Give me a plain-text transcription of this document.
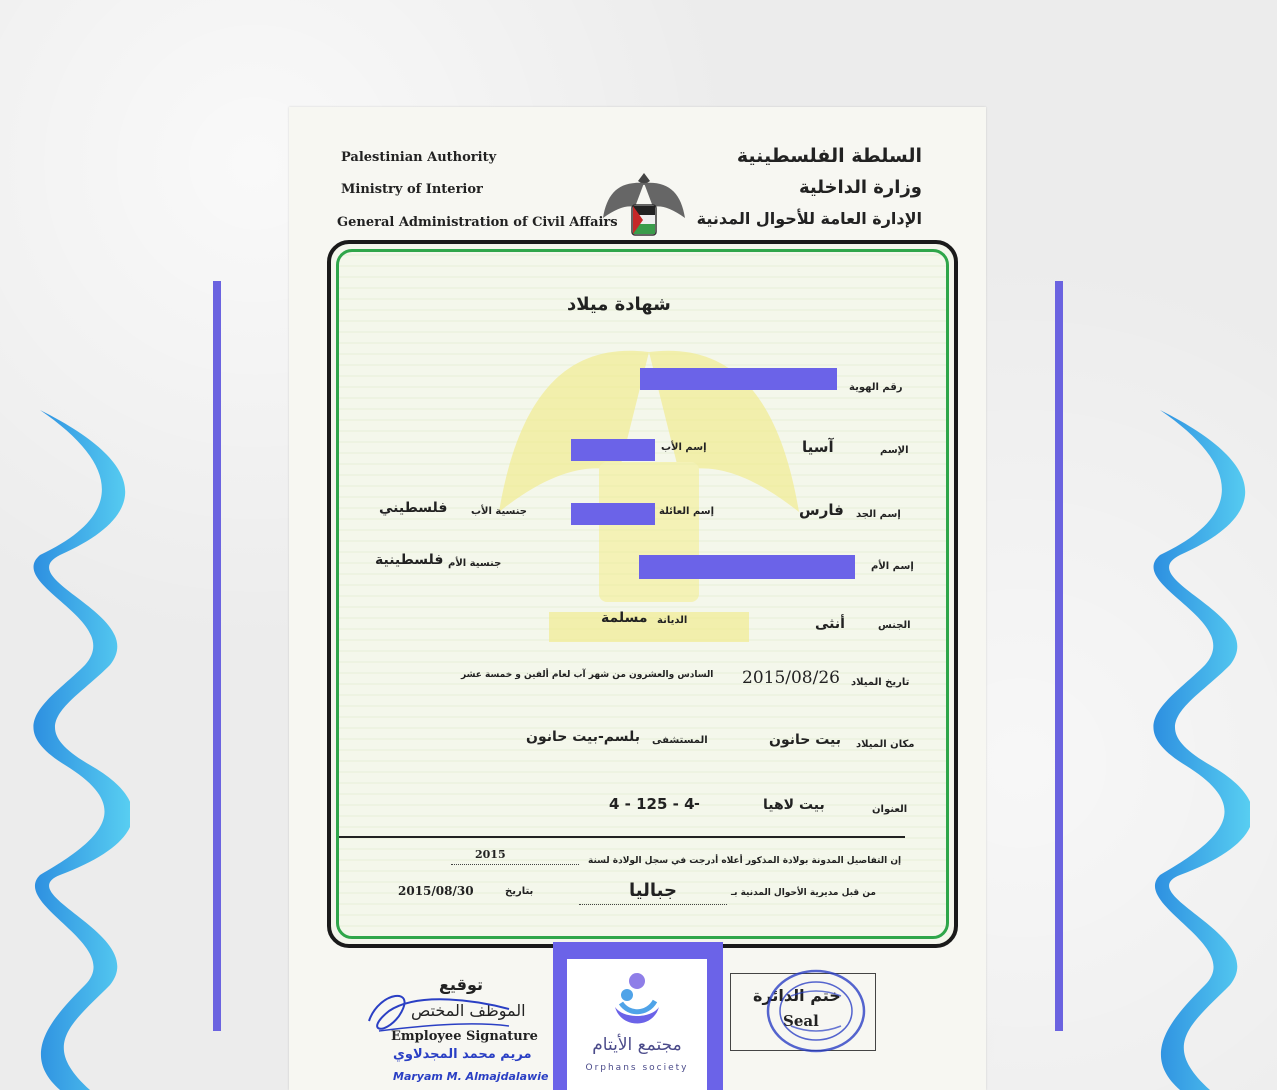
Palestinian Authority
Ministry of Interior
General Administration of Civil Affairs
السلطة الفلسطينية
وزارة الداخلية
الإدارة العامة للأحوال المدنية
شهادة ميلاد
رقم الهوية
الإسم
آسيا
إسم الأب
إسم الجد
فارس
إسم العائلة
جنسية الأب
فلسطيني
إسم الأم
جنسية الأم
فلسطينية
الجنس
أنثى
الديانة
مسلمة
تاريخ الميلاد
2015/08/26
السادس والعشرون من شهر آب لعام ألفين و خمسة عشر
مكان الميلاد
بيت حانون
المستشفى
بلسم-بيت حانون
العنوان
بيت لاهيا
-
4 - 125 - 4
إن التفاصيل المدونة بولادة المذكور أعلاه أدرجت في سجل الولادة لسنة
2015
من قبل مديرية الأحوال المدنية بـ
جباليا
بتاريخ
2015/08/30
توقيع
الموظف المختص
Employee Signature
مريم محمد المجدلاوي
Maryam M. Almajdalawie
ختم الدائرة
Seal
مجتمع الأيتام
Orphans society
